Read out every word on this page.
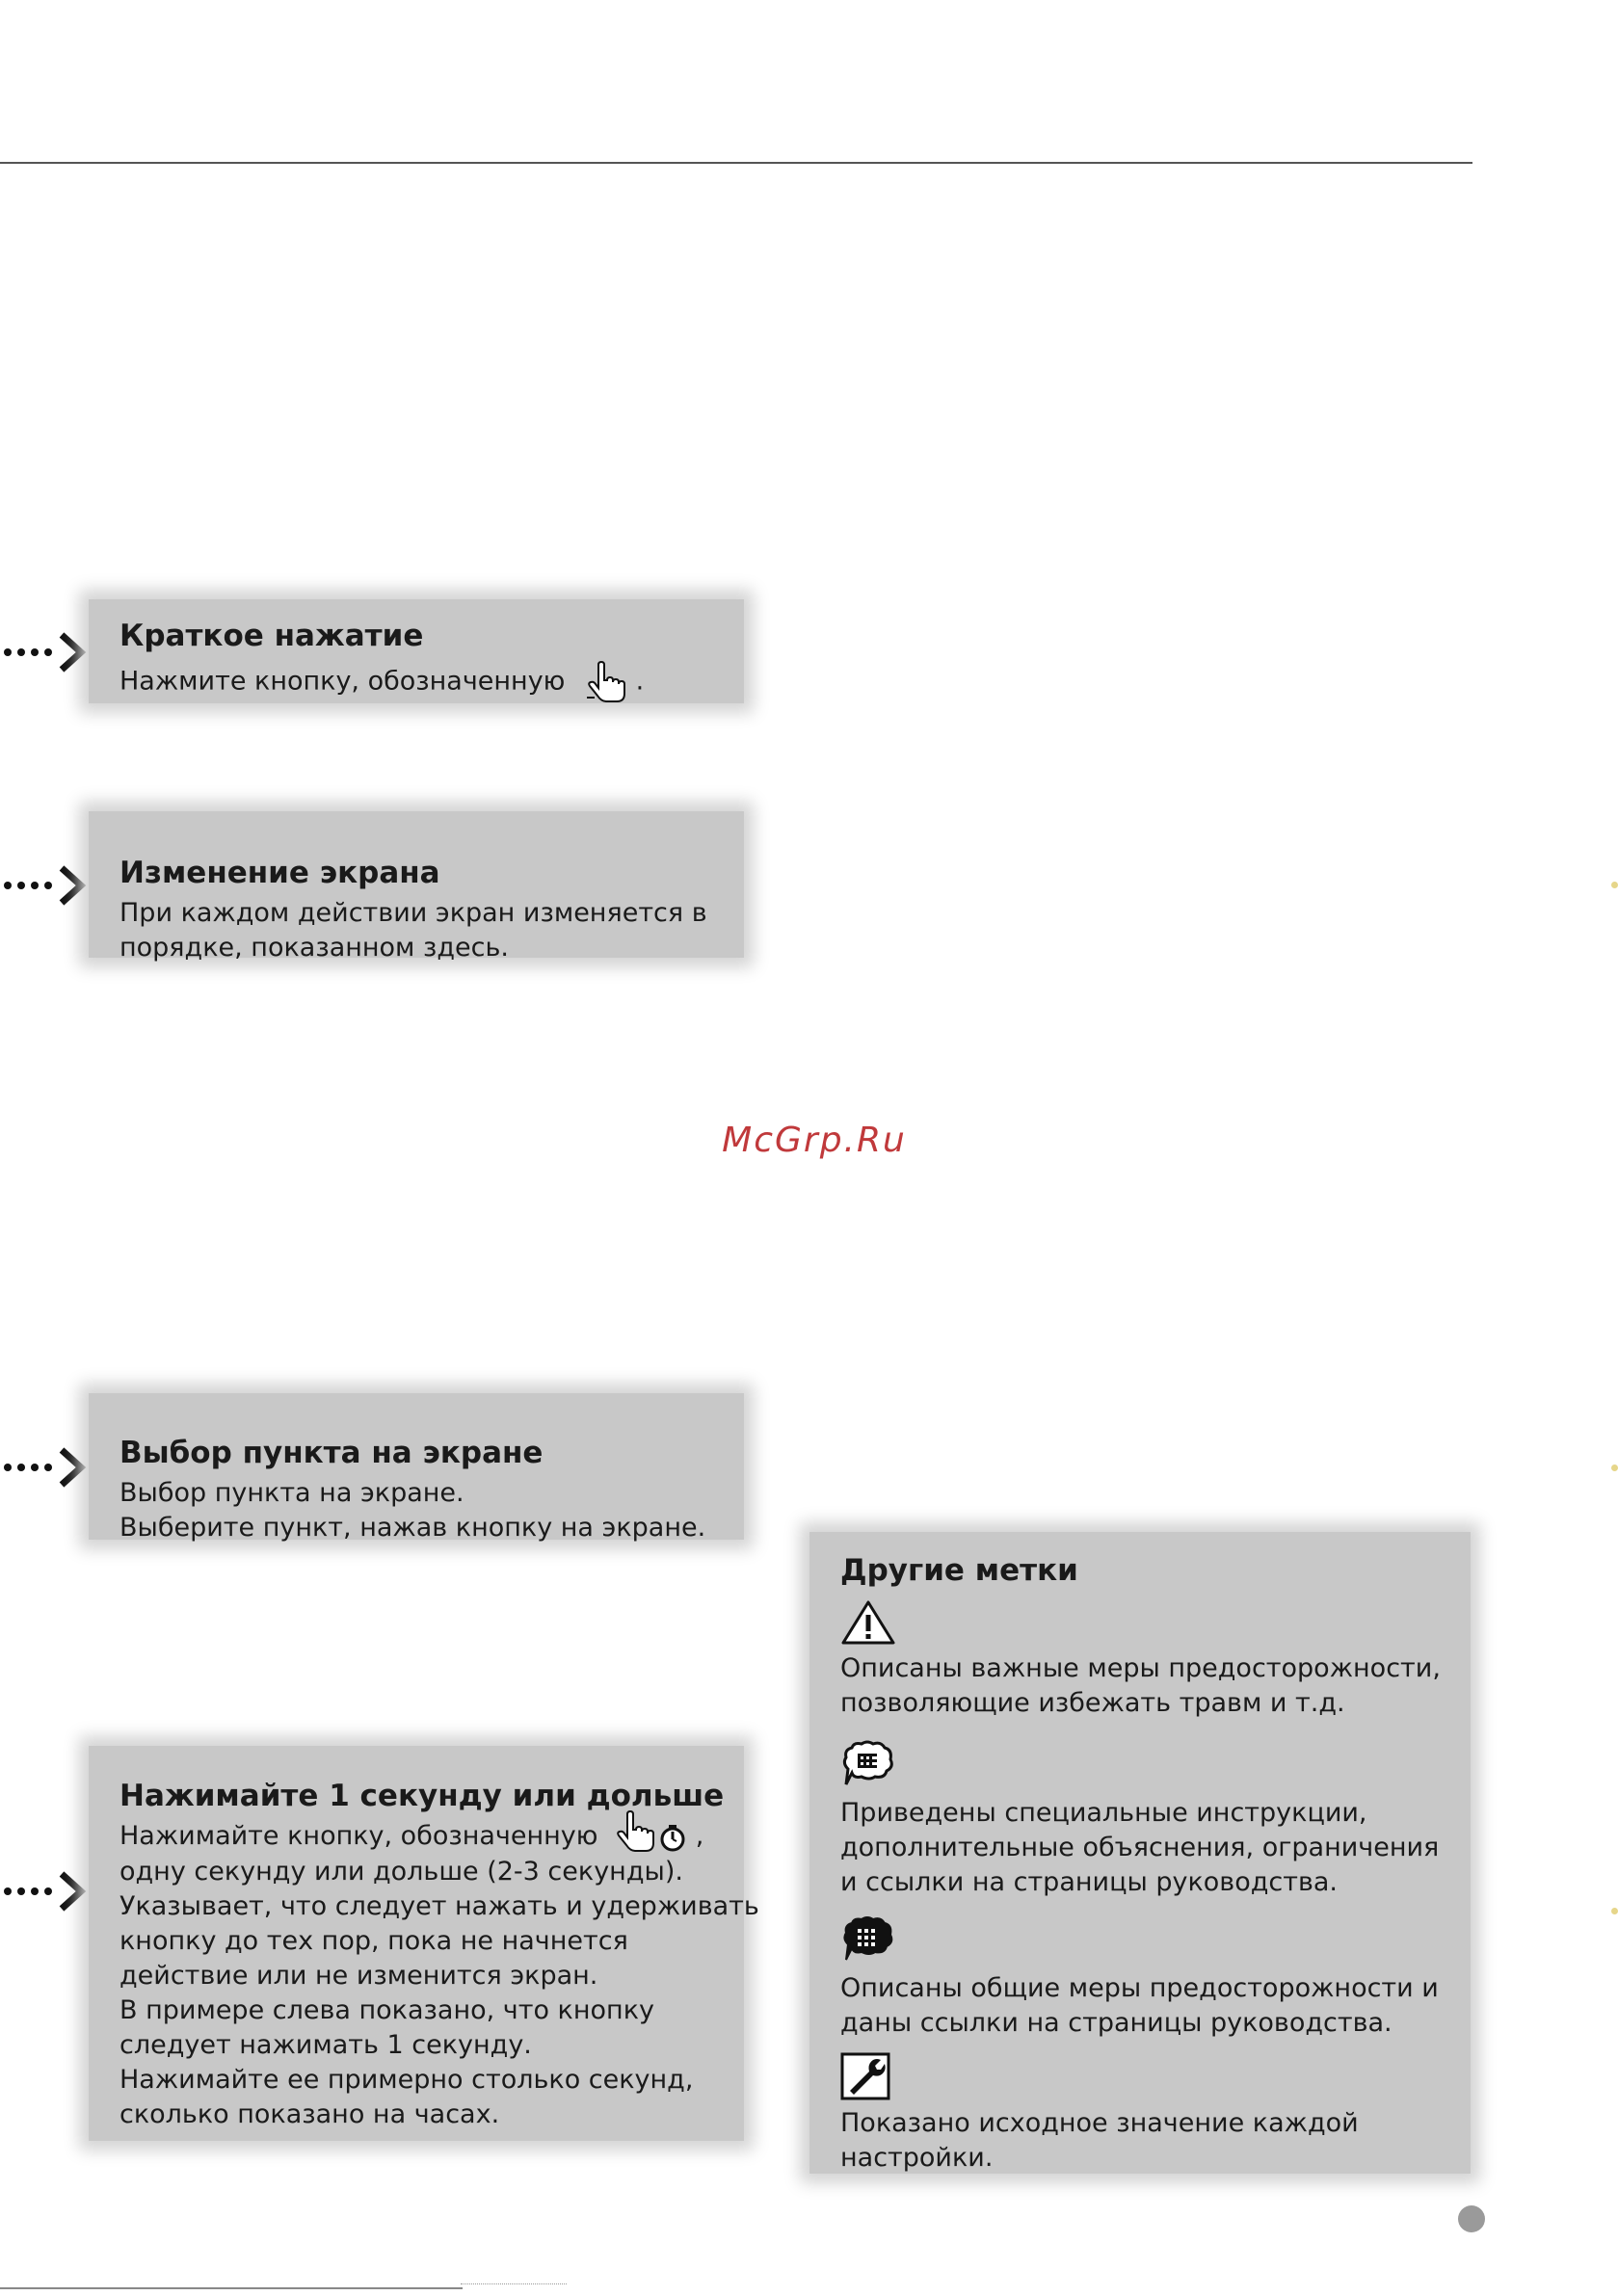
Краткое нажатие

Нажмите кнопку, обозначенную	.

Изменение экрана

При каждом действии экран изменяется в

порядке, показанном здесь.

McGrp.Ru

Выбор пункта на экране

Выбор пункта на экране.

Выберите пункт, нажав кнопку на экране.

Нажимайте 1 секунду или дольше

Нажимайте кнопку, обозначенную	,

одну секунду или дольше (2-3 секунды).

Указывает, что следует нажать и удерживать

кнопку до тех пор, пока не начнется

действие или не изменится экран.

В примере слева показано, что кнопку

следует нажимать 1 секунду.

Нажимайте ее примерно столько секунд,

сколько показано на часах.

Другие метки

Описаны важные меры предосторожности,

позволяющие избежать травм и т.д.

Приведены специальные инструкции,

дополнительные объяснения, ограничения

и ссылки на страницы руководства.

Описаны общие меры предосторожности и

даны ссылки на страницы руководства.

Показано исходное значение каждой

настройки.
